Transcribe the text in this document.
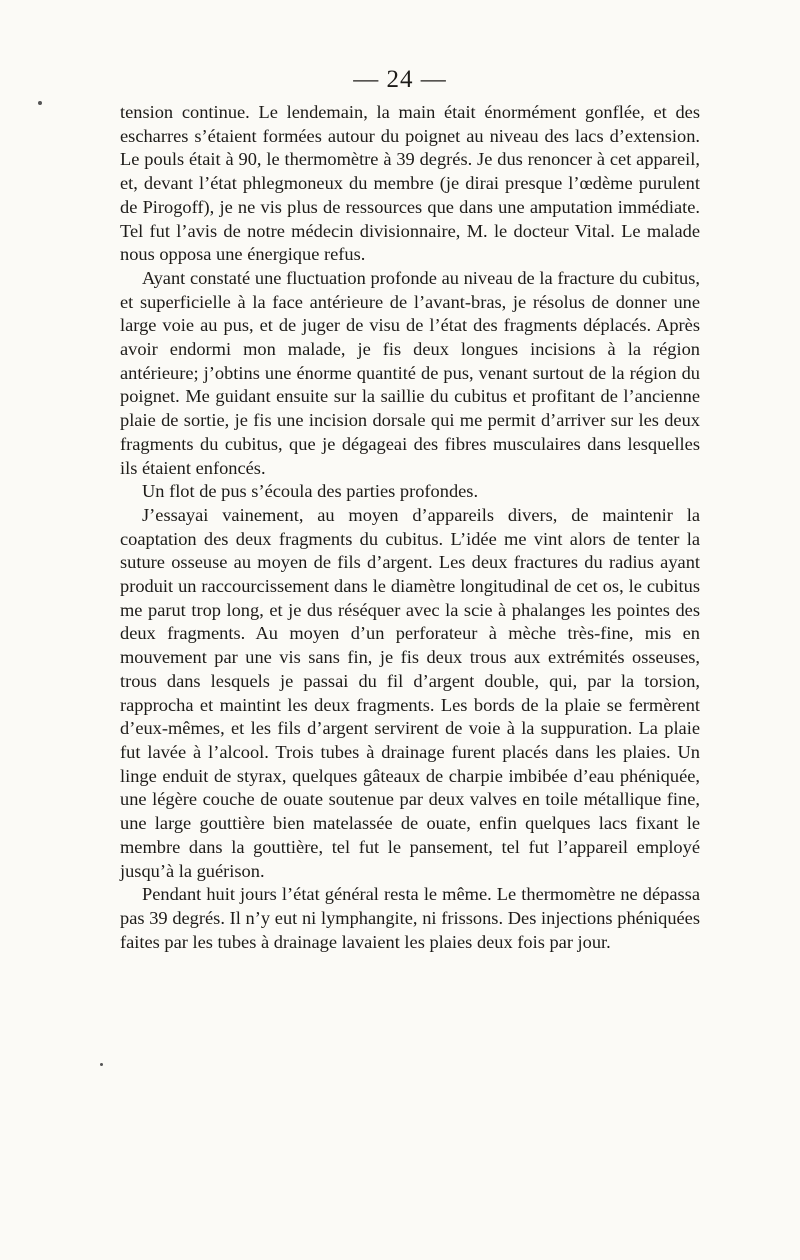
— 24 —

tension continue. Le lendemain, la main était énormément gonflée, et des escharres s’étaient formées autour du poignet au niveau des lacs d’extension. Le pouls était à 90, le thermomètre à 39 degrés. Je dus renoncer à cet appareil, et, devant l’état phlegmoneux du membre (je dirai presque l’œdème purulent de Pirogoff), je ne vis plus de ressources que dans une amputation immédiate. Tel fut l’avis de notre médecin divisionnaire, M. le docteur Vital. Le malade nous opposa une énergique refus.

Ayant constaté une fluctuation profonde au niveau de la fracture du cubitus, et superficielle à la face antérieure de l’avant-bras, je résolus de donner une large voie au pus, et de juger de visu de l’état des fragments déplacés. Après avoir endormi mon malade, je fis deux longues incisions à la région antérieure; j’obtins une énorme quantité de pus, venant surtout de la région du poignet. Me guidant ensuite sur la saillie du cubitus et profitant de l’ancienne plaie de sortie, je fis une incision dorsale qui me permit d’arriver sur les deux fragments du cubitus, que je dégageai des fibres musculaires dans lesquelles ils étaient enfoncés.

Un flot de pus s’écoula des parties profondes.

J’essayai vainement, au moyen d’appareils divers, de maintenir la coaptation des deux fragments du cubitus. L’idée me vint alors de tenter la suture osseuse au moyen de fils d’argent. Les deux fractures du radius ayant produit un raccourcissement dans le diamètre longitudinal de cet os, le cubitus me parut trop long, et je dus réséquer avec la scie à phalanges les pointes des deux fragments. Au moyen d’un perforateur à mèche très-fine, mis en mouvement par une vis sans fin, je fis deux trous aux extrémités osseuses, trous dans lesquels je passai du fil d’argent double, qui, par la torsion, rapprocha et maintint les deux fragments. Les bords de la plaie se fermèrent d’eux-mêmes, et les fils d’argent servirent de voie à la suppuration. La plaie fut lavée à l’alcool. Trois tubes à drainage furent placés dans les plaies. Un linge enduit de styrax, quelques gâteaux de charpie imbibée d’eau phéniquée, une légère couche de ouate soutenue par deux valves en toile métallique fine, une large gouttière bien matelassée de ouate, enfin quelques lacs fixant le membre dans la gouttière, tel fut le pansement, tel fut l’appareil employé jusqu’à la guérison.

Pendant huit jours l’état général resta le même. Le thermomètre ne dépassa pas 39 degrés. Il n’y eut ni lymphangite, ni frissons. Des injections phéniquées faites par les tubes à drainage lavaient les plaies deux fois par jour.
